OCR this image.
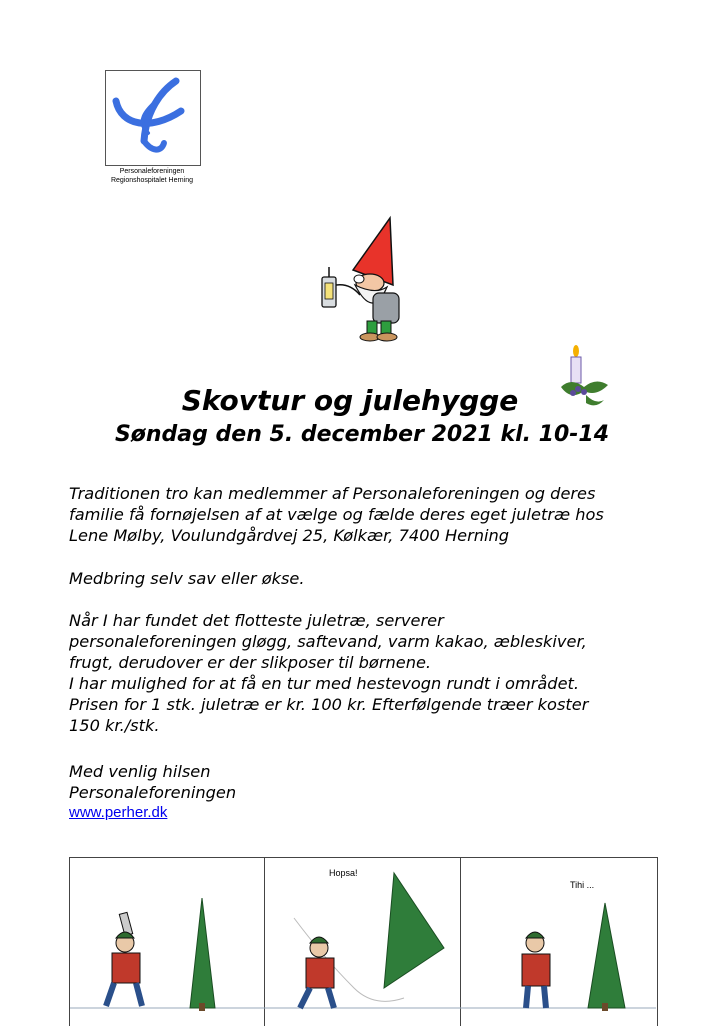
Personaleforeningen
Regionshospitalet Herning
Skovtur og julehygge
Søndag den 5. december 2021 kl. 10-14
Traditionen tro kan medlemmer af Personaleforeningen og deres
familie få fornøjelsen af at vælge og fælde deres eget juletræ hos
Lene Mølby, Voulundgårdvej 25, Kølkær, 7400 Herning
Medbring selv sav eller økse.
Når I har fundet det flotteste juletræ, serverer
personaleforeningen gløgg, saftevand, varm kakao, æbleskiver,
frugt, derudover er der slikposer til børnene.
I har mulighed for at få en tur med hestevogn rundt i området.
Prisen for 1 stk. juletræ er kr. 100 kr. Efterfølgende træer koster
150 kr./stk.
Med venlig hilsen
Personaleforeningen
www.perher.dk
Hopsa!
Tihi ...
